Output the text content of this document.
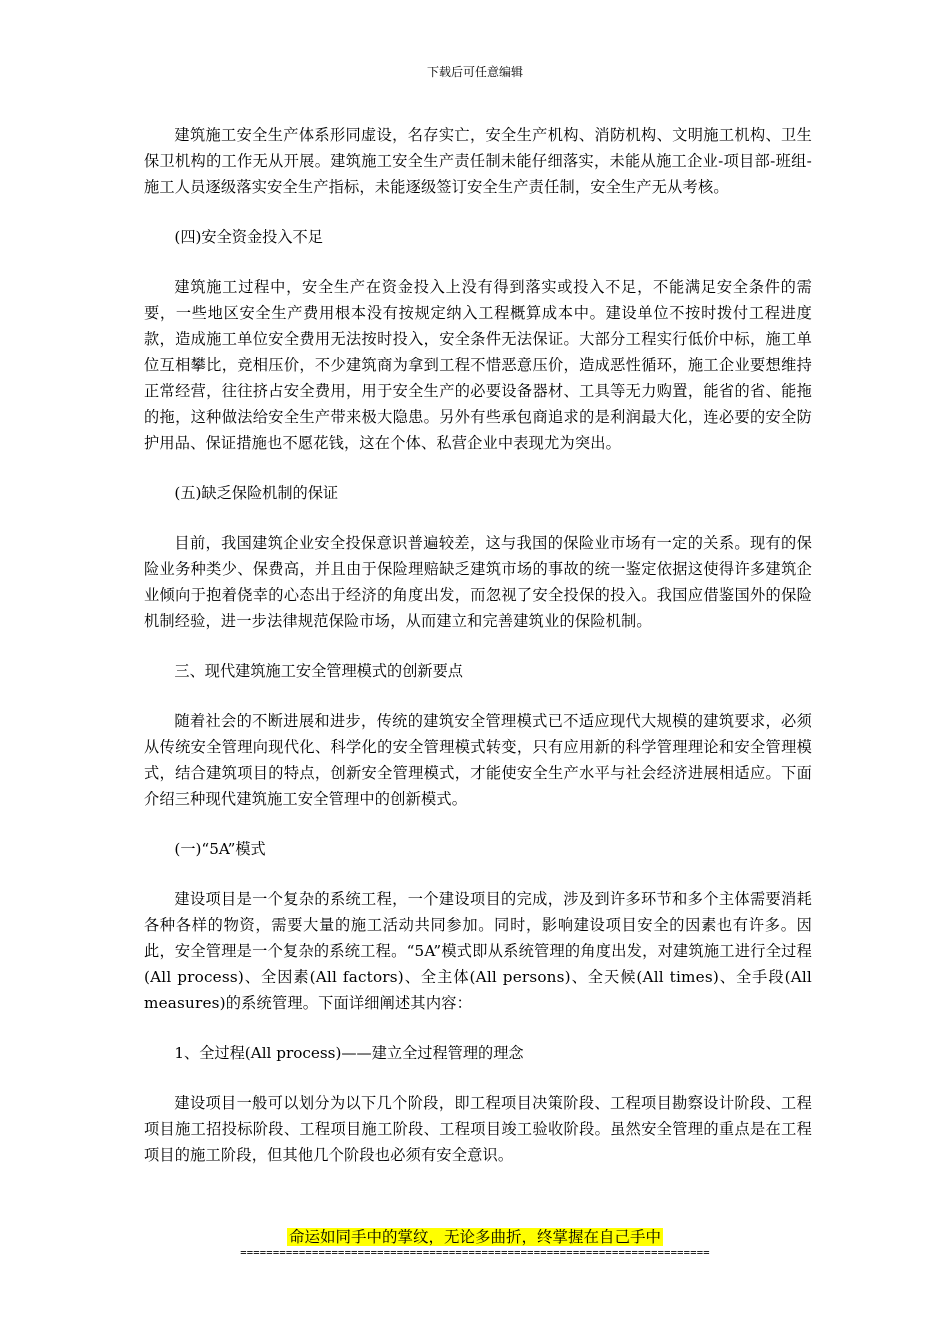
下载后可任意编辑

建筑施工安全生产体系形同虚设，名存实亡，安全生产机构、消防机构、文明施工机构、卫生保卫机构的工作无从开展。建筑施工安全生产责任制未能仔细落实，未能从施工企业-项目部-班组-施工人员逐级落实安全生产指标，未能逐级签订安全生产责任制，安全生产无从考核。

(四)安全资金投入不足

建筑施工过程中，安全生产在资金投入上没有得到落实或投入不足，不能满足安全条件的需要，一些地区安全生产费用根本没有按规定纳入工程概算成本中。建设单位不按时拨付工程进度款，造成施工单位安全费用无法按时投入，安全条件无法保证。大部分工程实行低价中标，施工单位互相攀比，竞相压价，不少建筑商为拿到工程不惜恶意压价，造成恶性循环，施工企业要想维持正常经营，往往挤占安全费用，用于安全生产的必要设备器材、工具等无力购置，能省的省、能拖的拖，这种做法给安全生产带来极大隐患。另外有些承包商追求的是利润最大化，连必要的安全防护用品、保证措施也不愿花钱，这在个体、私营企业中表现尤为突出。

(五)缺乏保险机制的保证

目前，我国建筑企业安全投保意识普遍较差，这与我国的保险业市场有一定的关系。现有的保险业务种类少、保费高，并且由于保险理赔缺乏建筑市场的事故的统一鉴定依据这使得许多建筑企业倾向于抱着侥幸的心态出于经济的角度出发，而忽视了安全投保的投入。我国应借鉴国外的保险机制经验，进一步法律规范保险市场，从而建立和完善建筑业的保险机制。

三、现代建筑施工安全管理模式的创新要点

随着社会的不断进展和进步，传统的建筑安全管理模式已不适应现代大规模的建筑要求，必须从传统安全管理向现代化、科学化的安全管理模式转变，只有应用新的科学管理理论和安全管理模式，结合建筑项目的特点，创新安全管理模式，才能使安全生产水平与社会经济进展相适应。下面介绍三种现代建筑施工安全管理中的创新模式。

(一)“5A”模式

建设项目是一个复杂的系统工程，一个建设项目的完成，涉及到许多环节和多个主体需要消耗各种各样的物资，需要大量的施工活动共同参加。同时，影响建设项目安全的因素也有许多。因此，安全管理是一个复杂的系统工程。“5A”模式即从系统管理的角度出发，对建筑施工进行全过程(All process)、全因素(All factors)、全主体(All persons)、全天候(All times)、全手段(All measures)的系统管理。下面详细阐述其内容：

1、全过程(All process)——建立全过程管理的理念

建设项目一般可以划分为以下几个阶段，即工程项目决策阶段、工程项目勘察设计阶段、工程项目施工招投标阶段、工程项目施工阶段、工程项目竣工验收阶段。虽然安全管理的重点是在工程项目的施工阶段，但其他几个阶段也必须有安全意识。

命运如同手中的掌纹，无论多曲折，终掌握在自己手中
========================================================================
